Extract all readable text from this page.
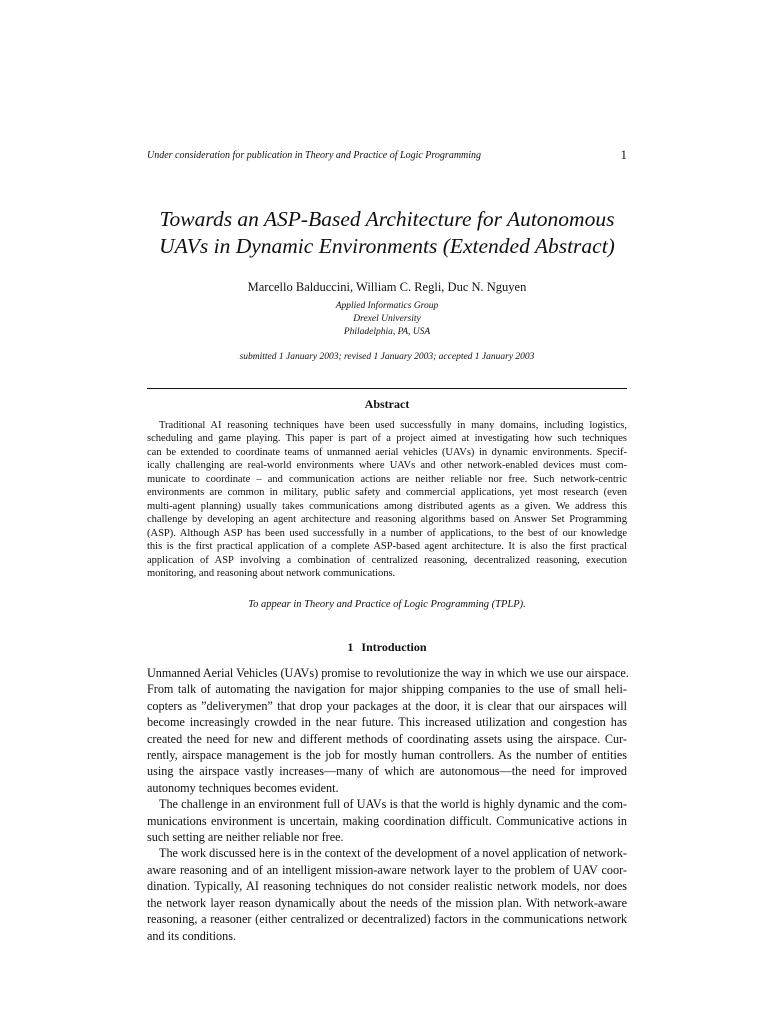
Under consideration for publication in Theory and Practice of Logic Programming	1
Towards an ASP-Based Architecture for Autonomous
UAVs in Dynamic Environments (Extended Abstract)
Marcello Balduccini, William C. Regli, Duc N. Nguyen
Applied Informatics Group
Drexel University
Philadelphia, PA, USA
submitted 1 January 2003; revised 1 January 2003; accepted 1 January 2003
Abstract
Traditional AI reasoning techniques have been used successfully in many domains, including logistics,
scheduling and game playing. This paper is part of a project aimed at investigating how such techniques
can be extended to coordinate teams of unmanned aerial vehicles (UAVs) in dynamic environments. Specif-
ically challenging are real-world environments where UAVs and other network-enabled devices must com-
municate to coordinate – and communication actions are neither reliable nor free. Such network-centric
environments are common in military, public safety and commercial applications, yet most research (even
multi-agent planning) usually takes communications among distributed agents as a given. We address this
challenge by developing an agent architecture and reasoning algorithms based on Answer Set Programming
(ASP). Although ASP has been used successfully in a number of applications, to the best of our knowledge
this is the first practical application of a complete ASP-based agent architecture. It is also the first practical
application of ASP involving a combination of centralized reasoning, decentralized reasoning, execution
monitoring, and reasoning about network communications.
To appear in Theory and Practice of Logic Programming (TPLP).
1 Introduction
Unmanned Aerial Vehicles (UAVs) promise to revolutionize the way in which we use our airspace.
From talk of automating the navigation for major shipping companies to the use of small heli-
copters as ”deliverymen” that drop your packages at the door, it is clear that our airspaces will
become increasingly crowded in the near future. This increased utilization and congestion has
created the need for new and different methods of coordinating assets using the airspace. Cur-
rently, airspace management is the job for mostly human controllers. As the number of entities
using the airspace vastly increases—many of which are autonomous—the need for improved
autonomy techniques becomes evident.
The challenge in an environment full of UAVs is that the world is highly dynamic and the com-
munications environment is uncertain, making coordination difficult. Communicative actions in
such setting are neither reliable nor free.
The work discussed here is in the context of the development of a novel application of network-
aware reasoning and of an intelligent mission-aware network layer to the problem of UAV coor-
dination. Typically, AI reasoning techniques do not consider realistic network models, nor does
the network layer reason dynamically about the needs of the mission plan. With network-aware
reasoning, a reasoner (either centralized or decentralized) factors in the communications network
and its conditions.
